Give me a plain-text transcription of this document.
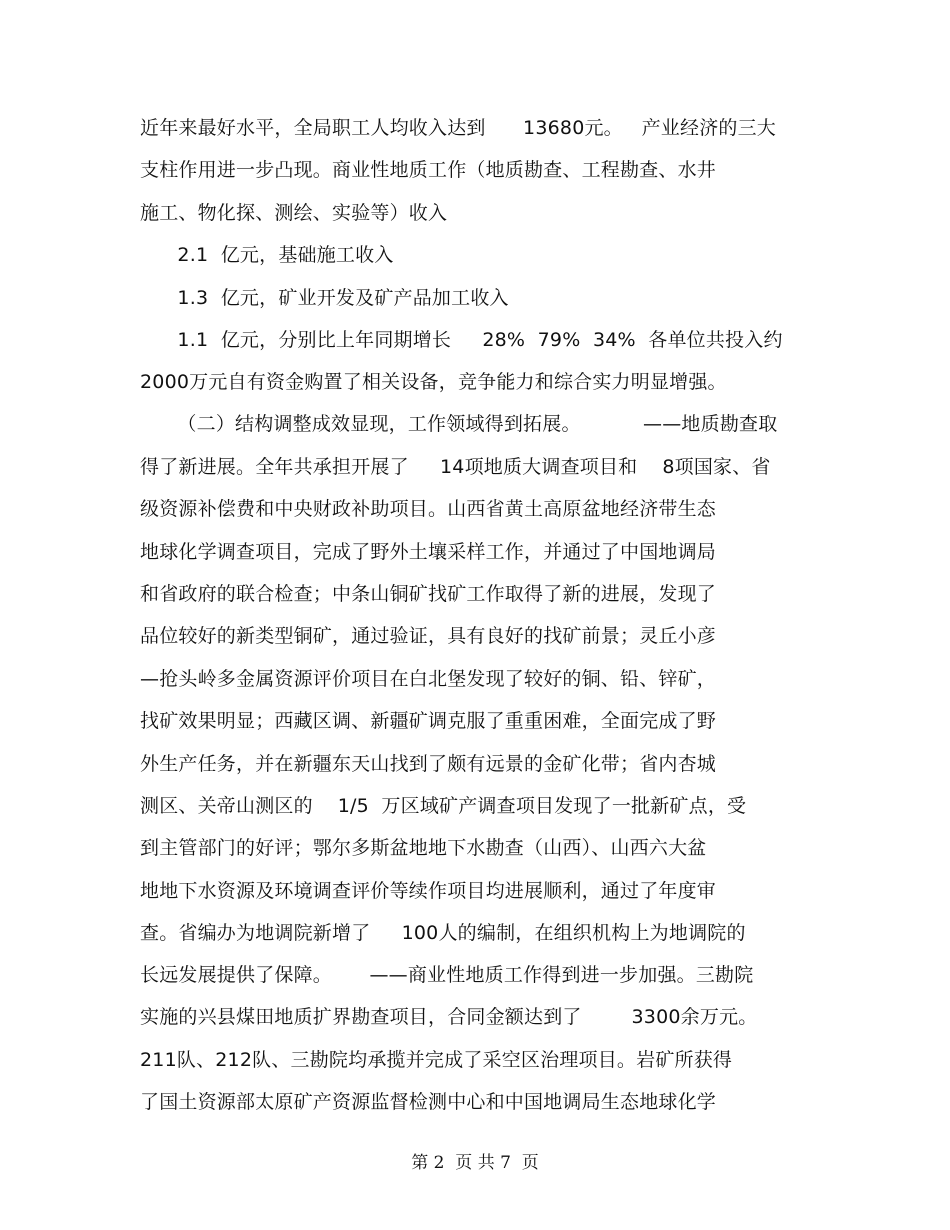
近年来最好水平，全局职工人均收入达到      13680元。   产业经济的三大
支柱作用进一步凸现。商业性地质工作（地质勘查、工程勘查、水井
施工、物化探、测绘、实验等）收入
2.1  亿元，基础施工收入
1.3  亿元，矿业开发及矿产品加工收入
1.1  亿元，分别比上年同期增长     28%  79%  34%  各单位共投入约
2000万元自有资金购置了相关设备，竞争能力和综合实力明显增强。
（二）结构调整成效显现，工作领域得到拓展。          ——地质勘查取
得了新进展。全年共承担开展了     14项地质大调查项目和    8项国家、省
级资源补偿费和中央财政补助项目。山西省黄土高原盆地经济带生态
地球化学调查项目，完成了野外土壤采样工作，并通过了中国地调局
和省政府的联合检查；中条山铜矿找矿工作取得了新的进展，发现了
品位较好的新类型铜矿，通过验证，具有良好的找矿前景；灵丘小彦
—抢头岭多金属资源评价项目在白北堡发现了较好的铜、铅、锌矿，
找矿效果明显；西藏区调、新疆矿调克服了重重困难，全面完成了野
外生产任务，并在新疆东天山找到了颇有远景的金矿化带；省内杏城
测区、关帝山测区的    1/5  万区域矿产调查项目发现了一批新矿点，受
到主管部门的好评；鄂尔多斯盆地地下水勘查（山西）、山西六大盆
地地下水资源及环境调查评价等续作项目均进展顺利，通过了年度审
查。省编办为地调院新增了     100人的编制，在组织机构上为地调院的
长远发展提供了保障。      ——商业性地质工作得到进一步加强。三勘院
实施的兴县煤田地质扩界勘查项目，合同金额达到了        3300余万元。
211队、212队、三勘院均承揽并完成了采空区治理项目。岩矿所获得
了国土资源部太原矿产资源监督检测中心和中国地调局生态地球化学
第 2  页 共 7  页
